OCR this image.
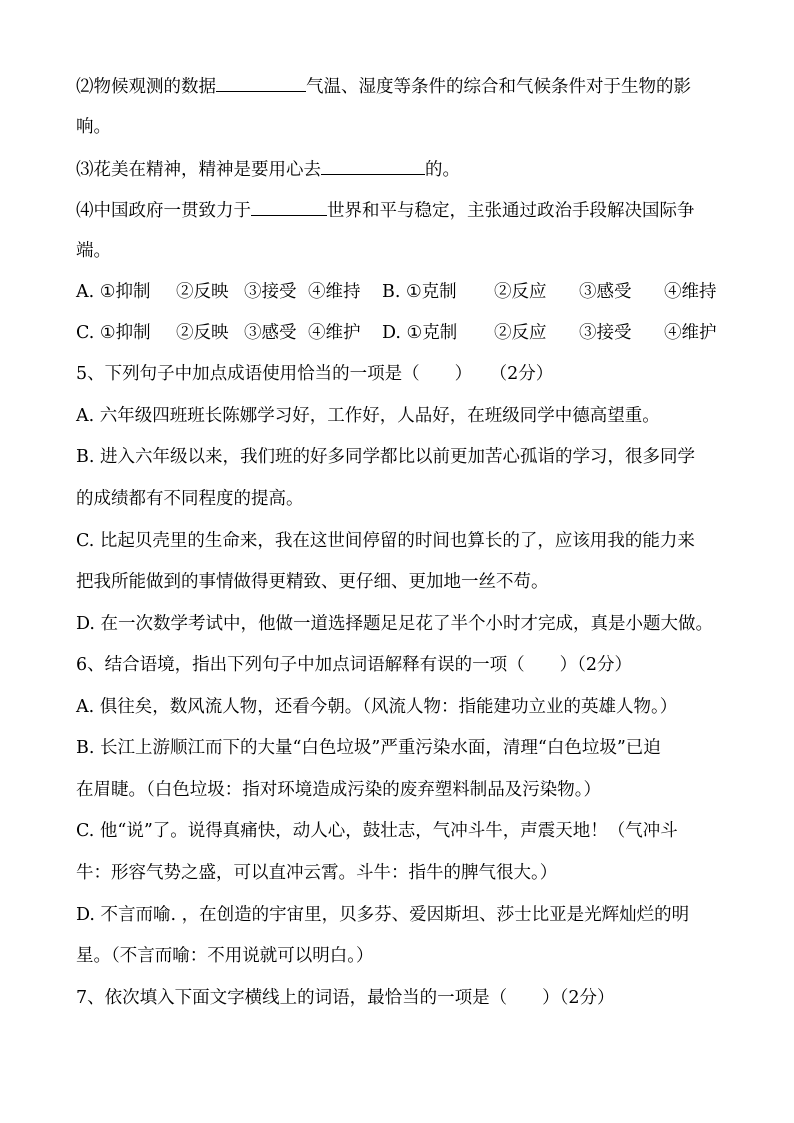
⑵物候观测的数据	气温、湿度等条件的综合和气候条件对于生物的影
响。
⑶花美在精神，精神是要用心去	的。
⑷中国政府一贯致力于	世界和平与稳定，主张通过政治手段解决国际争
端。
A. ①抑制 ②反映 ③接受 ④维持 B. ①克制 ②反应 ③感受 ④维持
C. ①抑制 ②反映 ③感受 ④维护 D. ①克制 ②反应 ③接受 ④维护
5、下列句子中加点成语使用恰当的一项是（　　）　　（2分）
A. 六年级四班班长陈娜学习好，工作好，人品好，在班级同学中德高望重。
B. 进入六年级以来，我们班的好多同学都比以前更加苦心孤诣的学习，很多同学
的成绩都有不同程度的提高。
C. 比起贝壳里的生命来，我在这世间停留的时间也算长的了，应该用我的能力来
把我所能做到的事情做得更精致、更仔细、更加地一丝不苟。
D. 在一次数学考试中，他做一道选择题足足花了半个小时才完成，真是小题大做。
6、结合语境，指出下列句子中加点词语解释有误的一项（　　）（2分）
A. 俱往矣，数风流人物，还看今朝。（风流人物：指能建功立业的英雄人物。）
B. 长江上游顺江而下的大量“白色垃圾”严重污染水面，清理“白色垃圾”已迫
在眉睫。（白色垃圾：指对环境造成污染的废弃塑料制品及污染物。）
C. 他“说”了。说得真痛快，动人心，鼓壮志，气冲斗牛，声震天地！（气冲斗
牛：形容气势之盛，可以直冲云霄。斗牛：指牛的脾气很大。）
D. 不言而喻. ，在创造的宇宙里，贝多芬、爱因斯坦、莎士比亚是光辉灿烂的明
星。（不言而喻：不用说就可以明白。）
7、依次填入下面文字横线上的词语，最恰当的一项是（　　）（2分）
